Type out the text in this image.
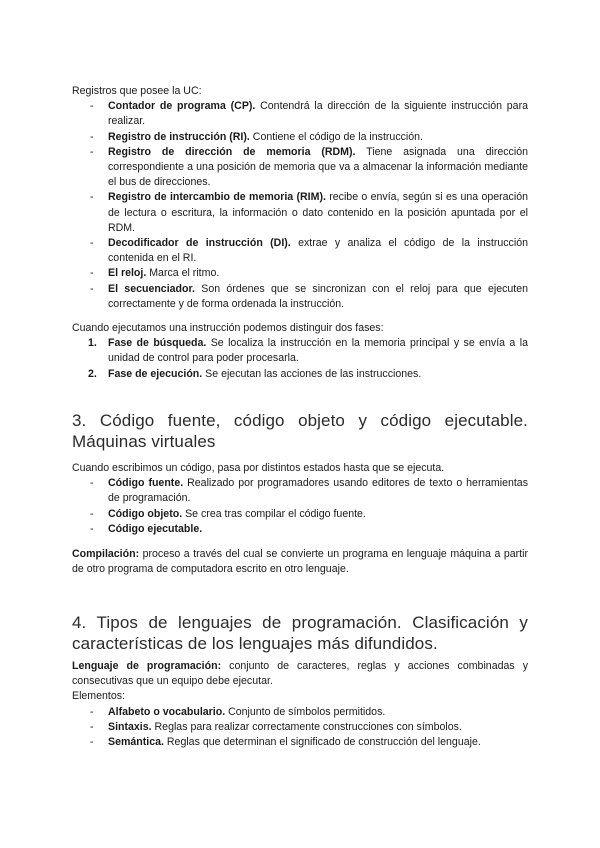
Registros que posee la UC:

- Contador de programa (CP). Contendrá la dirección de la siguiente instrucción para realizar.
- Registro de instrucción (RI). Contiene el código de la instrucción.
- Registro de dirección de memoria (RDM). Tiene asignada una dirección correspondiente a una posición de memoria que va a almacenar la información mediante el bus de direcciones.
- Registro de intercambio de memoria (RIM). recibe o envía, según si es una operación de lectura o escritura, la información o dato contenido en la posición apuntada por el RDM.
- Decodificador de instrucción (DI). extrae y analiza el código de la instrucción contenida en el RI.
- El reloj. Marca el ritmo.
- El secuenciador. Son órdenes que se sincronizan con el reloj para que ejecuten correctamente y de forma ordenada la instrucción.

Cuando ejecutamos una instrucción podemos distinguir dos fases:

1. Fase de búsqueda. Se localiza la instrucción en la memoria principal y se envía a la unidad de control para poder procesarla.
2. Fase de ejecución. Se ejecutan las acciones de las instrucciones.
3. Código fuente, código objeto y código ejecutable. Máquinas virtuales

Cuando escribimos un código, pasa por distintos estados hasta que se ejecuta.

- Código fuente. Realizado por programadores usando editores de texto o herramientas de programación.
- Código objeto. Se crea tras compilar el código fuente.
- Código ejecutable.

Compilación: proceso a través del cual se convierte un programa en lenguaje máquina a partir de otro programa de computadora escrito en otro lenguaje.

4. Tipos de lenguajes de programación. Clasificación y características de los lenguajes más difundidos.

Lenguaje de programación: conjunto de caracteres, reglas y acciones combinadas y consecutivas que un equipo debe ejecutar.

Elementos:

- Alfabeto o vocabulario. Conjunto de símbolos permitidos.
- Sintaxis. Reglas para realizar correctamente construcciones con símbolos.
- Semántica. Reglas que determinan el significado de construcción del lenguaje.
